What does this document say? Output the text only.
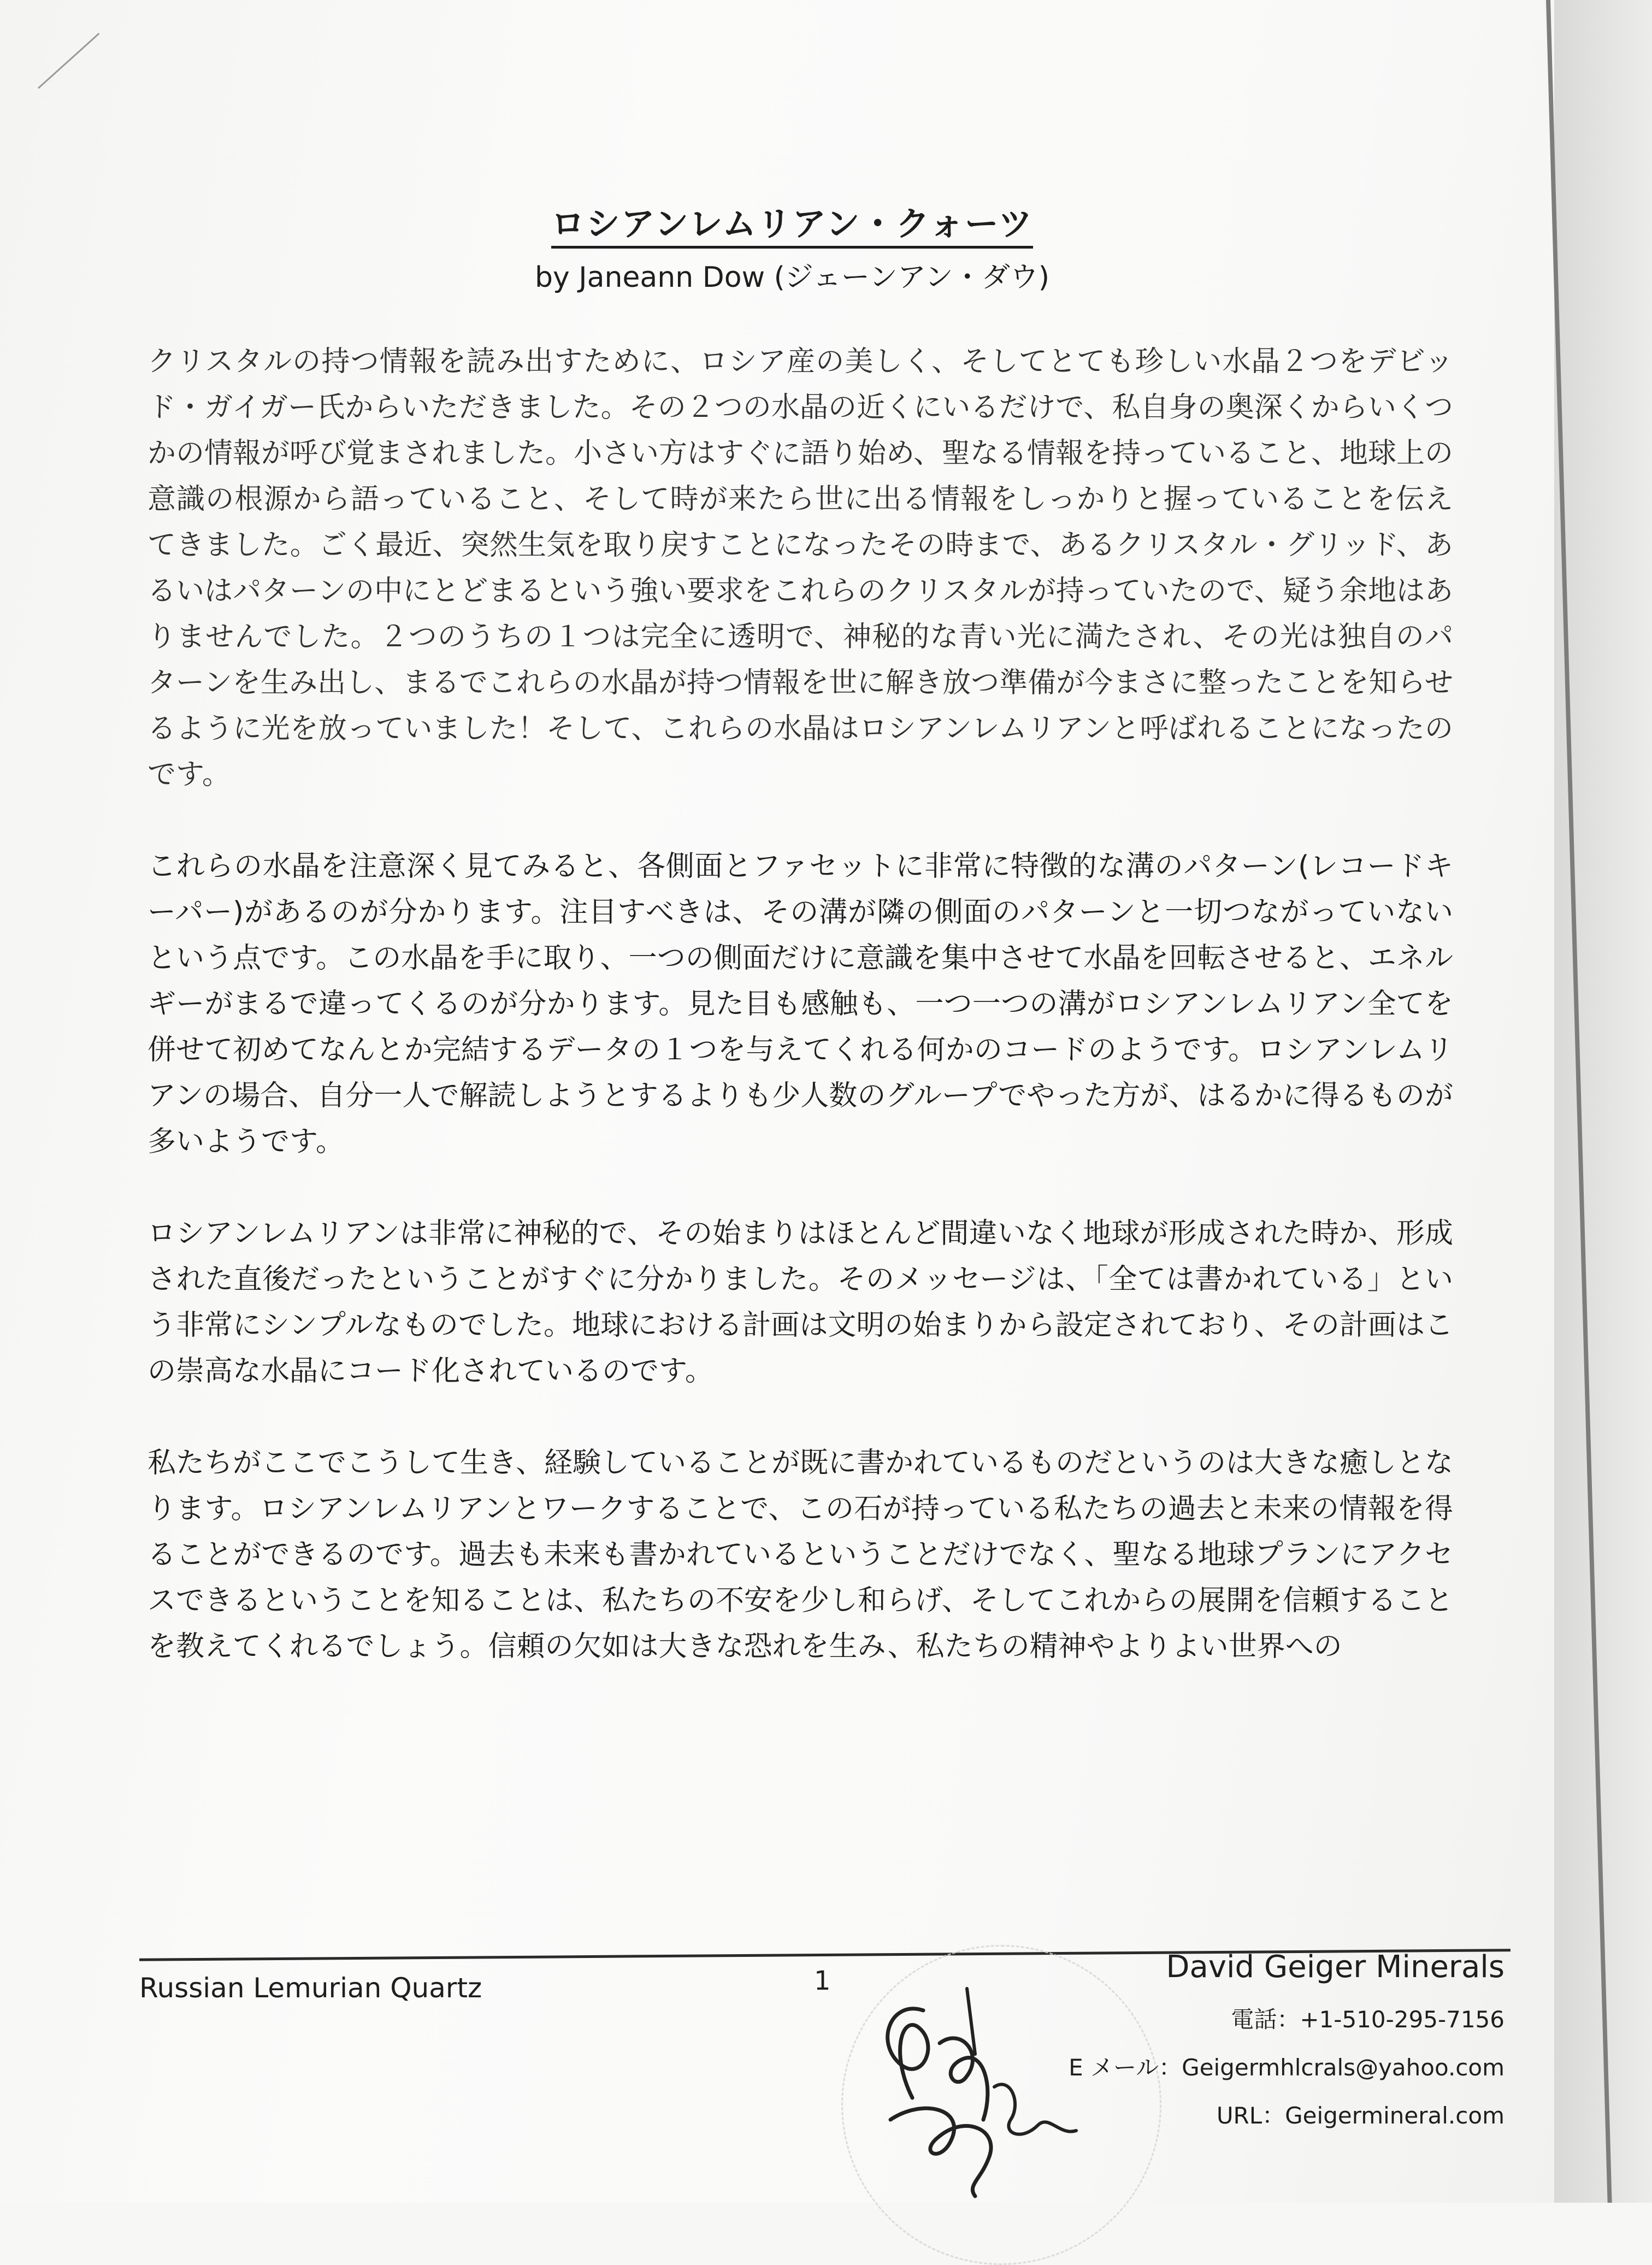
ロシアンレムリアン・クォーツ
by Janeann Dow (ジェーンアン・ダウ)

クリスタルの持つ情報を読み出すために、ロシア産の美しく、そしてとても珍しい水晶２つをデビッド・ガイガー氏からいただきました。その２つの水晶の近くにいるだけで、私自身の奥深くからいくつかの情報が呼び覚まされました。小さい方はすぐに語り始め、聖なる情報を持っていること、地球上の意識の根源から語っていること、そして時が来たら世に出る情報をしっかりと握っていることを伝えてきました。ごく最近、突然生気を取り戻すことになったその時まで、あるクリスタル・グリッド、あるいはパターンの中にとどまるという強い要求をこれらのクリスタルが持っていたので、疑う余地はありませんでした。２つのうちの１つは完全に透明で、神秘的な青い光に満たされ、その光は独自のパターンを生み出し、まるでこれらの水晶が持つ情報を世に解き放つ準備が今まさに整ったことを知らせるように光を放っていました！そして、これらの水晶はロシアンレムリアンと呼ばれることになったのです。

これらの水晶を注意深く見てみると、各側面とファセットに非常に特徴的な溝のパターン(レコードキーパー)があるのが分かります。注目すべきは、その溝が隣の側面のパターンと一切つながっていないという点です。この水晶を手に取り、一つの側面だけに意識を集中させて水晶を回転させると、エネルギーがまるで違ってくるのが分かります。見た目も感触も、一つ一つの溝がロシアンレムリアン全てを併せて初めてなんとか完結するデータの１つを与えてくれる何かのコードのようです。ロシアンレムリアンの場合、自分一人で解読しようとするよりも少人数のグループでやった方が、はるかに得るものが多いようです。

ロシアンレムリアンは非常に神秘的で、その始まりはほとんど間違いなく地球が形成された時か、形成された直後だったということがすぐに分かりました。そのメッセージは、「全ては書かれている」という非常にシンプルなものでした。地球における計画は文明の始まりから設定されており、その計画はこの崇高な水晶にコード化されているのです。

私たちがここでこうして生き、経験していることが既に書かれているものだというのは大きな癒しとなります。ロシアンレムリアンとワークすることで、この石が持っている私たちの過去と未来の情報を得ることができるのです。過去も未来も書かれているということだけでなく、聖なる地球プランにアクセスできるということを知ることは、私たちの不安を少し和らげ、そしてこれからの展開を信頼することを教えてくれるでしょう。信頼の欠如は大きな恐れを生み、私たちの精神やよりよい世界への

Russian Lemurian Quartz	1	David Geiger Minerals
電話：+1-510-295-7156
E メール：Geigermhlcrals@yahoo.com
URL：Geigermineral.com
